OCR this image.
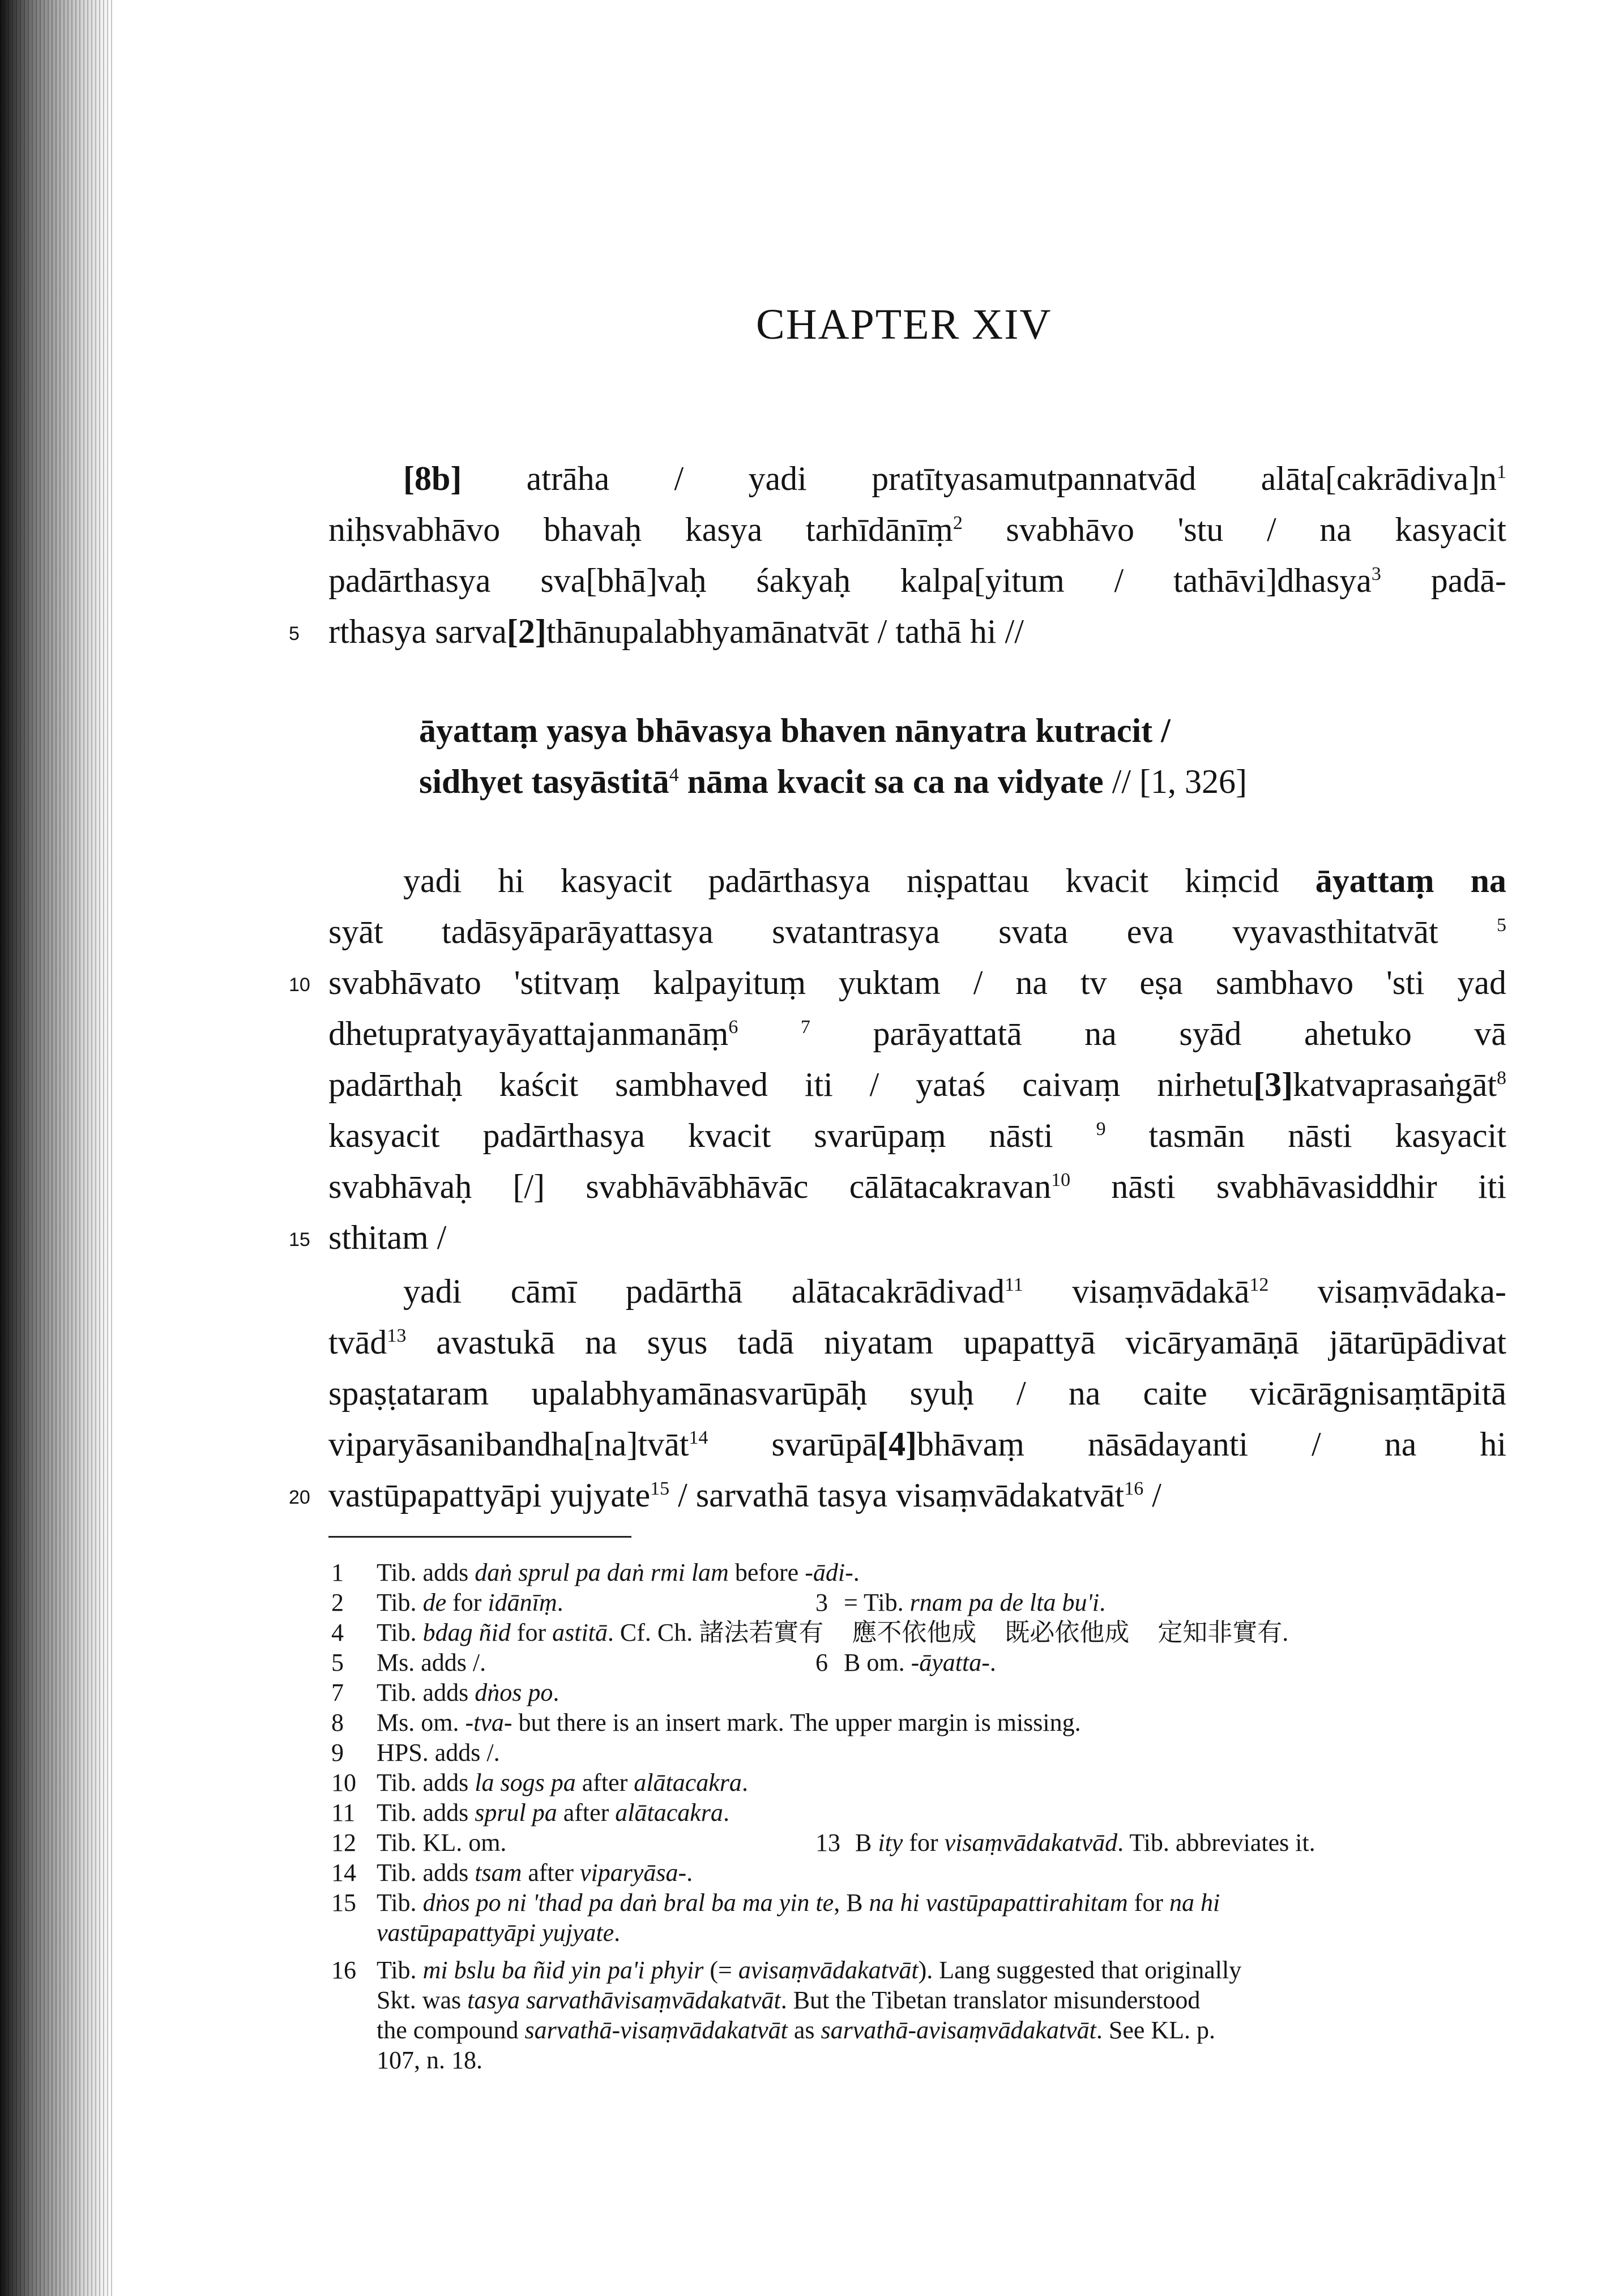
CHAPTER XIV
[8b] atrāha / yadi pratītyasamutpannatvād $alāta[cakrādiva]n^1$
niḥsvabhāvo bhavaḥ kasya tarhīdānīṃ$^2$ svabhāvo 'stu / na kasyacit
padārthasya sva[bhā]vaḥ śakyaḥ kalpa[yitum / tathāvi]dhasya$^3$ padā-
rthasya sarva[2]thānupalabhyamānatvāt / tathā hi //
āyattaṃ yasya bhāvasya bhaven nānyatra kutracit /
sidhyet tasyāstitā$^4$ nāma kvacit sa ca na vidyate // [1, 326]
yadi hi kasyacit padārthasya niṣpattau kvacit kiṃcid āyattaṃ na
syāt tadāsyāparāyattasya svatantrasya svata eva vyavasthitatvāt $^5$
svabhāvato 'stitvaṃ kalpayituṃ yuktam / na tv eṣa sambhavo 'sti yad
dhetupratyayāyattajanmanāṃ$^6$	$^7$ parāyattatā na syād ahetuko vā
padārthaḥ kaścit sambhaved iti / yataś caivaṃ nirhetu[3]katvaprasaṅgāt$^8$
kasyacit padārthasya kvacit svarūpaṃ nāsti $^9$ tasmān nāsti kasyacit
svabhāvaḥ [/] svabhāvābhāvāc cālātacakravan$^{10}$ nāsti svabhāvasiddhir iti
sthitam /
yadi cāmī padārthā alātacakrādivad$^{11}$ visaṃvādakā$^{12}$ visaṃvādaka-
tvād$^{13}$ avastukā na syus tadā niyatam upapattyā vicāryamāṇā jātarūpādivat
spaṣṭataram upalabhyamānasvarūpāḥ syuḥ / na caite vicārāgnisaṃtāpitā
viparyāsanibandha[na]tvāt$^{14}$ svarūpā[4]bhāvaṃ nāsādayanti / na hi
vastūpapattyāpi yujyate$^{15}$ / sarvathā tasya visaṃvādakatvāt$^{16}$ /
5
10
15
20
1 Tib. adds daṅ sprul pa daṅ rmi lam before -ādi-.
2 Tib. de for idānīṃ.	3 = Tib. rnam pa de lta bu'i.
4 Tib. bdag ñid for astitā. Cf. Ch. 諸法若實有 應不依他成 既必依他成 定知非實有.
5 Ms. adds /.	6 B om. -āyatta-.
7 Tib. adds dṅos po.
8 Ms. om. -tva- but there is an insert mark. The upper margin is missing.
9 HPS. adds /.
10 Tib. adds la sogs pa after alātacakra.
11 Tib. adds sprul pa after alātacakra.
12 Tib. KL. om.	13 B ity for visaṃvādakatvād. Tib. abbreviates it.
14 Tib. adds tsam after viparyāsa-.
15 Tib. dṅos po ni 'thad pa daṅ bral ba ma yin te, B na hi vastūpapattirahitam for na hi
vastūpapattyāpi yujyate.
16 Tib. mi bslu ba ñid yin pa'i phyir (= avisaṃvādakatvāt). Lang suggested that originally
Skt. was tasya sarvathāvisaṃvādakatvāt. But the Tibetan translator misunderstood
the compound sarvathā-visaṃvādakatvāt as sarvathā-avisaṃvādakatvāt. See KL. p.
107, n. 18.
